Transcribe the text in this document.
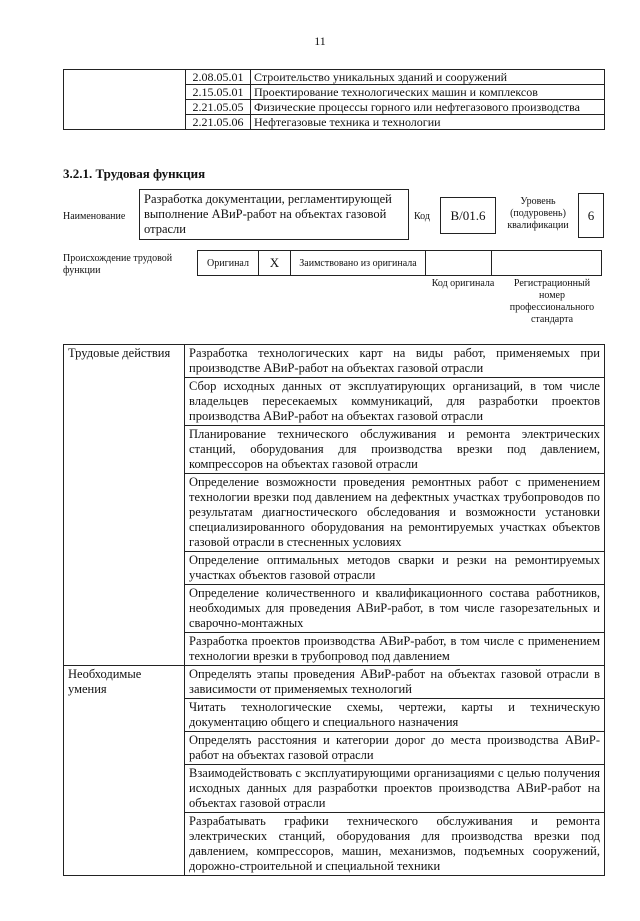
11
	2.08.05.01	Строительство уникальных зданий и сооружений
	2.15.05.01	Проектирование технологических машин и комплексов
	2.21.05.05	Физические процессы горного или нефтегазового производства
	2.21.05.06	Нефтегазовые техника и технологии
3.2.1. Трудовая функция
Наименование
Разработка документации, регламентирующей выполнение АВиР-работ на объектах газовой отрасли
Код	В/01.6
Уровень (подуровень) квалификации
6
Происхождение трудовой функции
Оригинал	X	Заимствовано из оригинала
Код оригинала	Регистрационный номер профессионального стандарта
Трудовые действия	Разработка технологических карт на виды работ, применяемых при производстве АВиР-работ на объектах газовой отрасли
	Сбор исходных данных от эксплуатирующих организаций, в том числе владельцев пересекаемых коммуникаций, для разработки проектов производства АВиР-работ на объектах газовой отрасли
	Планирование технического обслуживания и ремонта электрических станций, оборудования для производства врезки под давлением, компрессоров на объектах газовой отрасли
	Определение возможности проведения ремонтных работ с применением технологии врезки под давлением на дефектных участках трубопроводов по результатам диагностического обследования и возможности установки специализированного оборудования на ремонтируемых участках объектов газовой отрасли в стесненных условиях
	Определение оптимальных методов сварки и резки на ремонтируемых участках объектов газовой отрасли
	Определение количественного и квалификационного состава работников, необходимых для проведения АВиР-работ, в том числе газорезательных и сварочно-монтажных
	Разработка проектов производства АВиР-работ, в том числе с применением технологии врезки в трубопровод под давлением
Необходимые умения	Определять этапы проведения АВиР-работ на объектах газовой отрасли в зависимости от применяемых технологий
	Читать технологические схемы, чертежи, карты и техническую документацию общего и специального назначения
	Определять расстояния и категории дорог до места производства АВиР-работ на объектах газовой отрасли
	Взаимодействовать с эксплуатирующими организациями с целью получения исходных данных для разработки проектов производства АВиР-работ на объектах газовой отрасли
	Разрабатывать графики технического обслуживания и ремонта электрических станций, оборудования для производства врезки под давлением, компрессоров, машин, механизмов, подъемных сооружений, дорожно-строительной и специальной техники
